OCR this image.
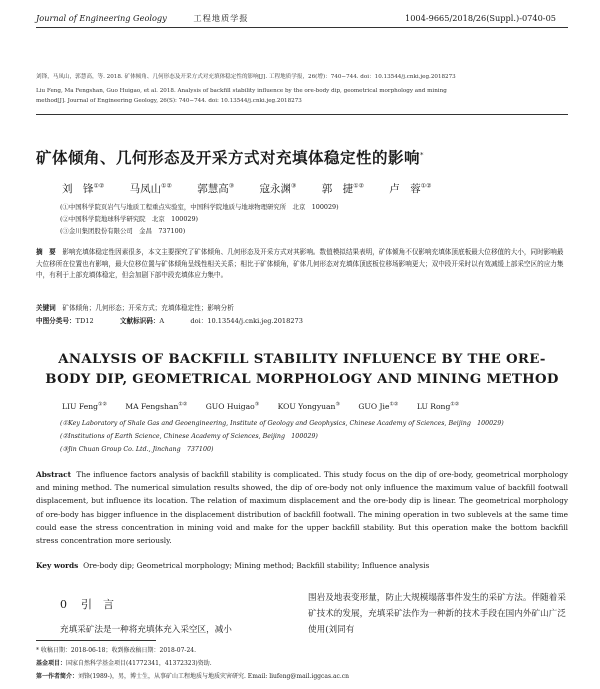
Journal of Engineering Geology	工程地质学报	1004-9665/2018/26(Suppl.)-0740-05
刘锋，马凤山，郭慧高，等. 2018. 矿体倾角、几何形态及开采方式对充填体稳定性的影响[J]. 工程地质学报，26(增)：740−744. doi：10.13544/j.cnki.jeg.2018273
Liu Feng, Ma Fengshan, Guo Huigao, et al. 2018. Analysis of backfill stability influence by the ore-body dip, geometrical morphology and mining
method[J]. Journal of Engineering Geology, 26(S): 740−744. doi: 10.13544/j.cnki.jeg.2018273
矿体倾角、几何形态及开采方式对充填体稳定性的影响*
刘　锋①② 马凤山①② 郭慧高③ 寇永渊③ 郭　捷①② 卢　蓉①②
(①中国科学院页岩气与地质工程重点实验室，中国科学院地质与地球物理研究所　北京　100029)
(②中国科学院地球科学研究院　北京　100029)
(③金川集团股份有限公司　金昌　737100)
摘　要　 影响充填体稳定性因素很多，本文主要探究了矿体倾角、几何形态及开采方式对其影响。数值模拟结果表明，矿体倾角不仅影响充填体顶底板最大位移值的大小，同时影响最大位移所在位置也有影响，最大位移位置与矿体倾角呈线性相关关系；相比于矿体倾角，矿体几何形态对充填体顶底板位移场影响更大；双中段开采时以有效减缓上部采空区的应力集中，有利于上部充填体稳定，但会加剧下部中段充填体应力集中。
关键词　 矿体倾角；几何形态；开采方式；充填体稳定性；影响分析
中图分类号：TD12	文献标识码：A	doi：10.13544/j.cnki.jeg.2018273
ANALYSIS OF BACKFILL STABILITY INFLUENCE BY THE ORE-BODY DIP, GEOMETRICAL MORPHOLOGY AND MINING METHOD
LIU Feng①② MA Fengshan①② GUO Huigao③ KOU Yongyuan③ GUO Jie①② LU Rong①②
(①Key Laboratory of Shale Gas and Geoengineering, Institute of Geology and Geophysics, Chinese Academy of Sciences, Beijing　100029)
(②Institutions of Earth Science, Chinese Academy of Sciences, Beijing　100029)
(③Jin Chuan Group Co. Ltd., Jinchang　737100)
Abstract The influence factors analysis of backfill stability is complicated. This study focus on the dip of ore-body, geometrical morphology and mining method. The numerical simulation results showed, the dip of ore-body not only influence the maximum value of backfill footwall displacement, but influence its location. The relation of maximum displacement and the ore-body dip is linear. The geometrical morphology of ore-body has bigger influence in the displacement distribution of backfill footwall. The mining operation in two sublevels at the same time could ease the stress concentration in mining void and make for the upper backfill stability. But this operation make the bottom backfill stress concentration more seriously.
Key words Ore-body dip; Geometrical morphology; Mining method; Backfill stability; Influence analysis
0 引　言
充填采矿法是一种将充填体充入采空区，减小
围岩及地表变形量，防止大规模塌落事件发生的采矿方法。伴随着采矿技术的发展，充填采矿法作为一种新的技术手段在国内外矿山广泛使用(刘同有
* 收稿日期：2018-06-18；收到修改稿日期：2018-07-24.
基金项目：国家自然科学基金项目(41772341，41372323)资助.
第一作者简介：刘锋(1989-)，男，博士生，从事矿山工程地质与地质灾害研究. Email: liufeng@mail.iggcas.ac.cn
